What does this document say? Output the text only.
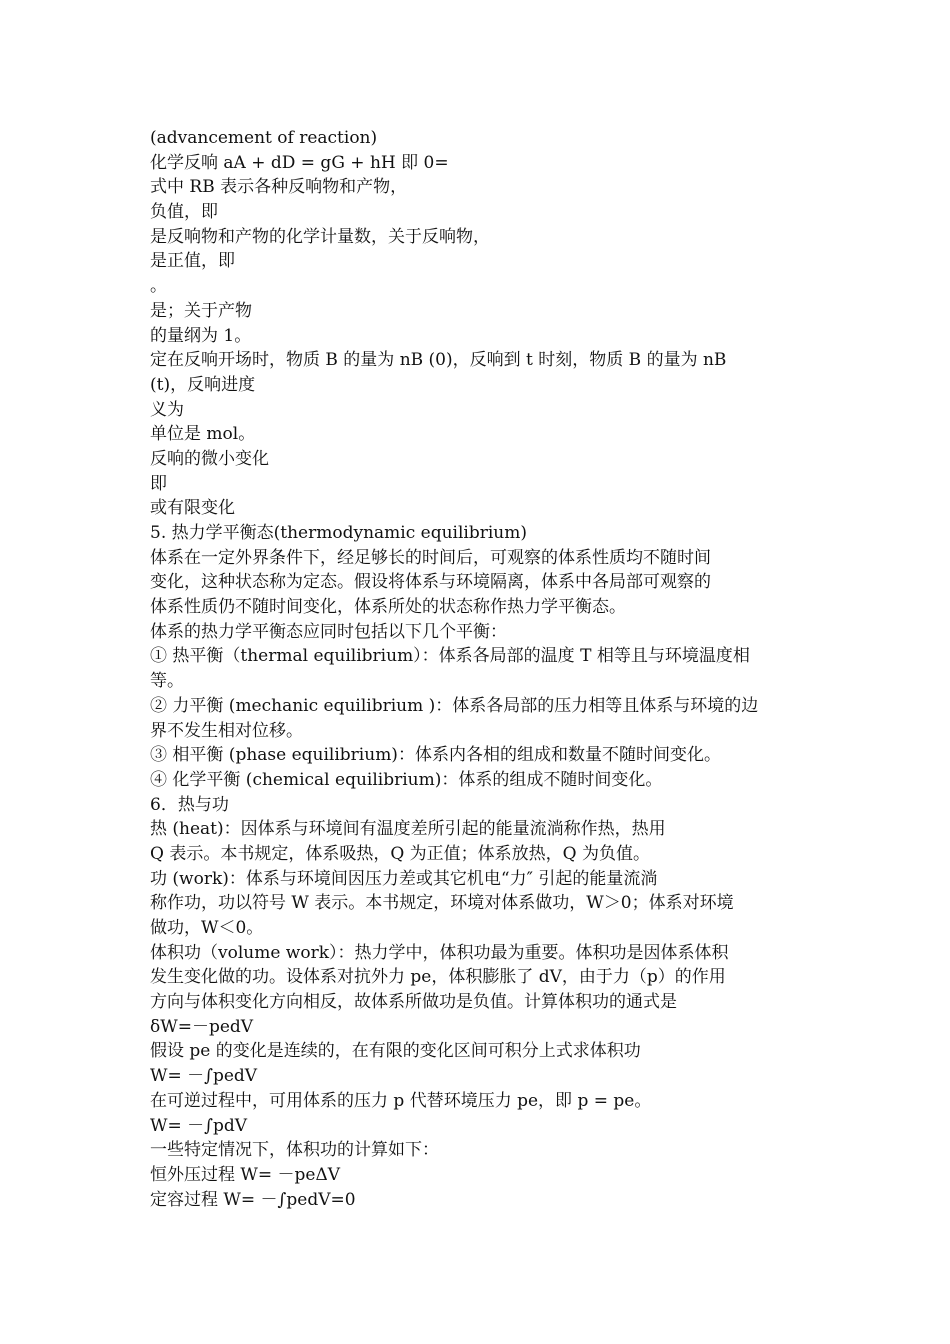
(advancement of reaction)
化学反响 aA + dD = gG + hH 即 0=
式中 RB 表示各种反响物和产物，
负值，即
是反响物和产物的化学计量数，关于反响物，
是正值，即
。
是；关于产物
的量纲为 1。
定在反响开场时，物质 B 的量为 nB (0)，反响到 t 时刻，物质 B 的量为 nB
(t)，反响进度
义为
单位是 mol。
反响的微小变化
即
或有限变化
5. 热力学平衡态(thermodynamic equilibrium)
体系在一定外界条件下，经足够长的时间后，可观察的体系性质均不随时间
变化，这种状态称为定态。假设将体系与环境隔离，体系中各局部可观察的
体系性质仍不随时间变化，体系所处的状态称作热力学平衡态。
体系的热力学平衡态应同时包括以下几个平衡：
① 热平衡（thermal equilibrium）：体系各局部的温度 T 相等且与环境温度相
等。
② 力平衡 (mechanic equilibrium )：体系各局部的压力相等且体系与环境的边
界不发生相对位移。
③ 相平衡 (phase equilibrium)：体系内各相的组成和数量不随时间变化。
④ 化学平衡 (chemical equilibrium)：体系的组成不随时间变化。
6．热与功
热 (heat)：因体系与环境间有温度差所引起的能量流淌称作热，热用
Q 表示。本书规定，体系吸热，Q 为正值；体系放热，Q 为负值。
功 (work)：体系与环境间因压力差或其它机电“力″ 引起的能量流淌
称作功，功以符号 W 表示。本书规定，环境对体系做功，W＞0；体系对环境
做功，W＜0。
体积功（volume work）：热力学中，体积功最为重要。体积功是因体系体积
发生变化做的功。设体系对抗外力 pe，体积膨胀了 dV，由于力（p）的作用
方向与体积变化方向相反，故体系所做功是负值。计算体积功的通式是
δW=－pedV
假设 pe 的变化是连续的，在有限的变化区间可积分上式求体积功
W= －∫pedV
在可逆过程中，可用体系的压力 p 代替环境压力 pe，即 p = pe。
W= －∫pdV
一些特定情况下，体积功的计算如下：
恒外压过程 W= －peΔV
定容过程 W= －∫pedV=0
